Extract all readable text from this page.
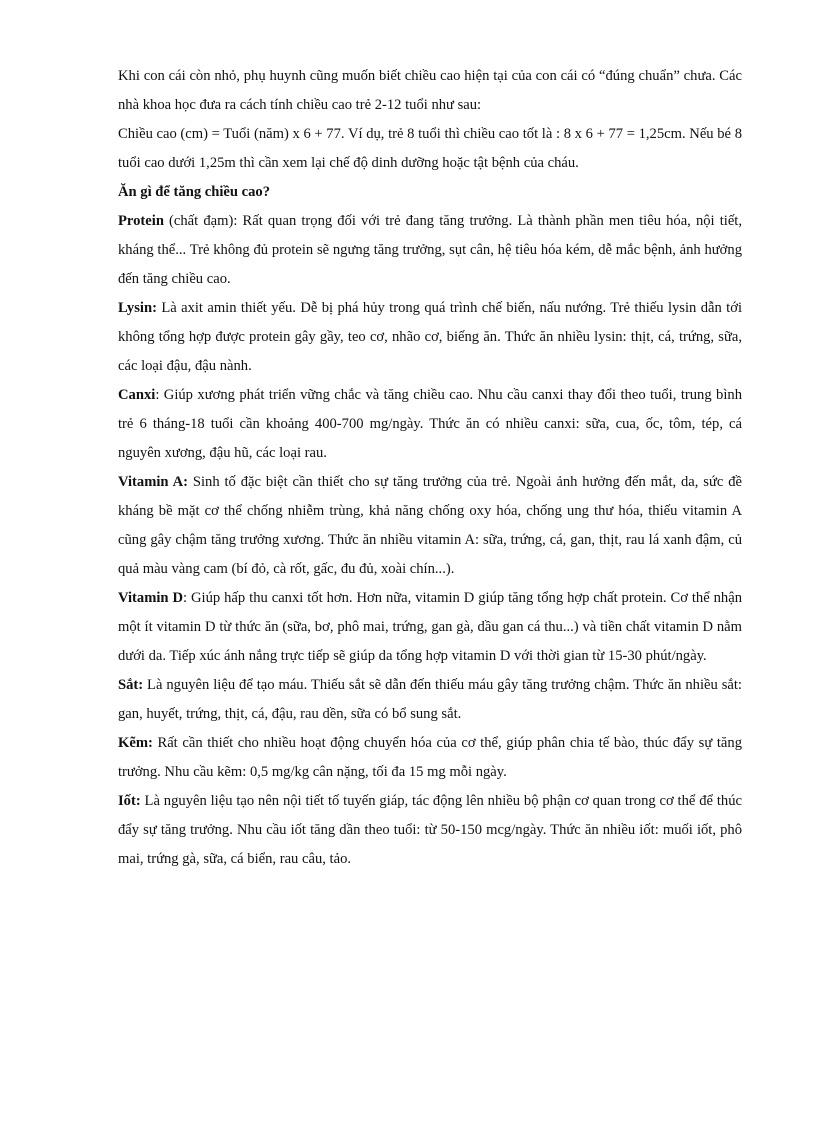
Khi con cái còn nhỏ, phụ huynh cũng muốn biết chiều cao hiện tại của con cái có “đúng chuẩn” chưa. Các nhà khoa học đưa ra cách tính chiều cao trẻ 2-12 tuổi như sau:

Chiều cao (cm) = Tuổi (năm) x 6 + 77. Ví dụ, trẻ 8 tuổi thì chiều cao tốt là : 8 x 6 + 77 = 1,25cm. Nếu bé 8 tuổi cao dưới 1,25m thì cần xem lại chế độ dinh dưỡng hoặc tật bệnh của cháu.

Ăn gì để tăng chiều cao?

Protein (chất đạm): Rất quan trọng đối với trẻ đang tăng trưởng. Là thành phần men tiêu hóa, nội tiết, kháng thể... Trẻ không đủ protein sẽ ngưng tăng trưởng, sụt cân, hệ tiêu hóa kém, dễ mắc bệnh, ảnh hưởng đến tăng chiều cao.

Lysin: Là axit amin thiết yếu. Dễ bị phá hủy trong quá trình chế biến, nấu nướng. Trẻ thiếu lysin dẫn tới không tổng hợp được protein gây gầy, teo cơ, nhão cơ, biếng ăn. Thức ăn nhiều lysin: thịt, cá, trứng, sữa, các loại đậu, đậu nành.

Canxi: Giúp xương phát triển vững chắc và tăng chiều cao. Nhu cầu canxi thay đổi theo tuổi, trung bình trẻ 6 tháng-18 tuổi cần khoảng 400-700 mg/ngày. Thức ăn có nhiều canxi: sữa, cua, ốc, tôm, tép, cá nguyên xương, đậu hũ, các loại rau.

Vitamin A: Sinh tố đặc biệt cần thiết cho sự tăng trưởng của trẻ. Ngoài ảnh hưởng đến mắt, da, sức đề kháng bề mặt cơ thể chống nhiễm trùng, khả năng chống oxy hóa, chống ung thư hóa, thiếu vitamin A cũng gây chậm tăng trưởng xương. Thức ăn nhiều vitamin A: sữa, trứng, cá, gan, thịt, rau lá xanh đậm, củ quả màu vàng cam (bí đỏ, cà rốt, gấc, đu đủ, xoài chín...).

Vitamin D: Giúp hấp thu canxi tốt hơn. Hơn nữa, vitamin D giúp tăng tổng hợp chất protein. Cơ thể nhận một ít vitamin D từ thức ăn (sữa, bơ, phô mai, trứng, gan gà, dầu gan cá thu...) và tiền chất vitamin D nằm dưới da. Tiếp xúc ánh nắng trực tiếp sẽ giúp da tổng hợp vitamin D với thời gian từ 15-30 phút/ngày.

Sắt: Là nguyên liệu để tạo máu. Thiếu sắt sẽ dẫn đến thiếu máu gây tăng trưởng chậm. Thức ăn nhiều sắt: gan, huyết, trứng, thịt, cá, đậu, rau dền, sữa có bổ sung sắt.

Kẽm: Rất cần thiết cho nhiều hoạt động chuyển hóa của cơ thể, giúp phân chia tế bào, thúc đẩy sự tăng trưởng. Nhu cầu kẽm: 0,5 mg/kg cân nặng, tối đa 15 mg mỗi ngày.

Iốt: Là nguyên liệu tạo nên nội tiết tố tuyến giáp, tác động lên nhiều bộ phận cơ quan trong cơ thể để thúc đẩy sự tăng trưởng. Nhu cầu iốt tăng dần theo tuổi: từ 50-150 mcg/ngày. Thức ăn nhiều iốt: muối iốt, phô mai, trứng gà, sữa, cá biển, rau câu, tảo.
